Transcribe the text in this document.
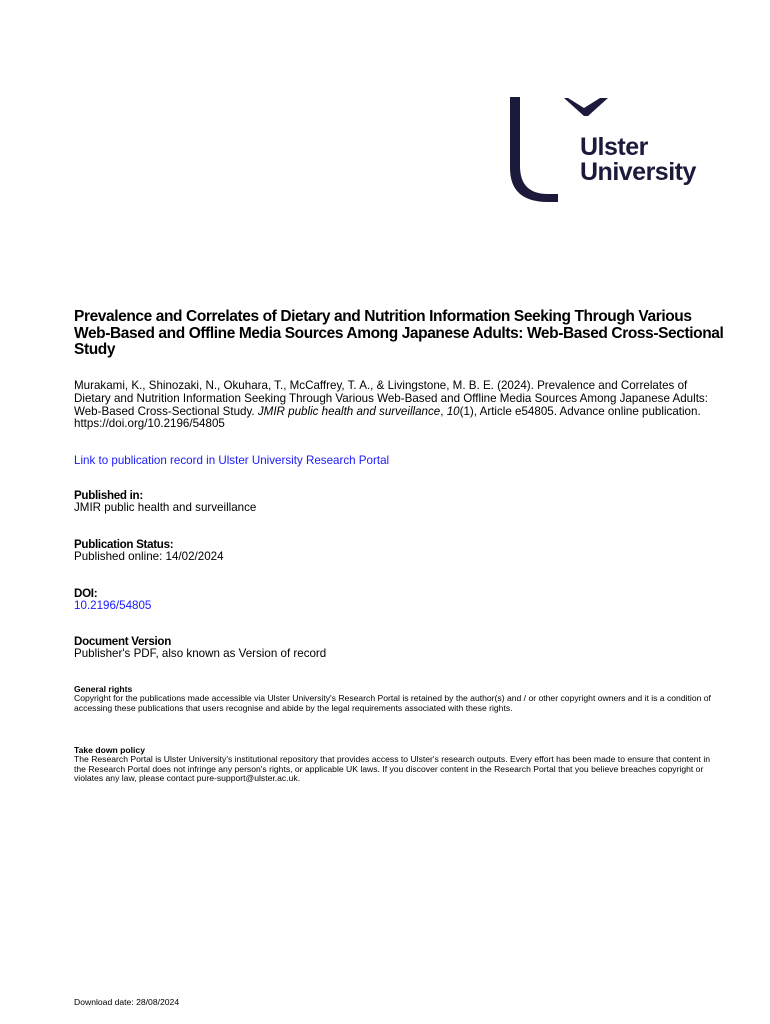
Ulster
University
Prevalence and Correlates of Dietary and Nutrition Information Seeking Through Various Web-Based and Offline Media Sources Among Japanese Adults: Web-Based Cross-Sectional Study

Murakami, K., Shinozaki, N., Okuhara, T., McCaffrey, T. A., & Livingstone, M. B. E. (2024). Prevalence and Correlates of Dietary and Nutrition Information Seeking Through Various Web-Based and Offline Media Sources Among Japanese Adults: Web-Based Cross-Sectional Study. JMIR public health and surveillance, 10(1), Article e54805. Advance online publication. https://doi.org/10.2196/54805

Link to publication record in Ulster University Research Portal
Published in:
JMIR public health and surveillance
Publication Status:
Published online: 14/02/2024
DOI:
10.2196/54805
Document Version
Publisher's PDF, also known as Version of record
General rights
Copyright for the publications made accessible via Ulster University's Research Portal is retained by the author(s) and / or other copyright owners and it is a condition of accessing these publications that users recognise and abide by the legal requirements associated with these rights.
Take down policy
The Research Portal is Ulster University's institutional repository that provides access to Ulster's research outputs. Every effort has been made to ensure that content in the Research Portal does not infringe any person's rights, or applicable UK laws. If you discover content in the Research Portal that you believe breaches copyright or violates any law, please contact pure-support@ulster.ac.uk.
Download date: 28/08/2024
